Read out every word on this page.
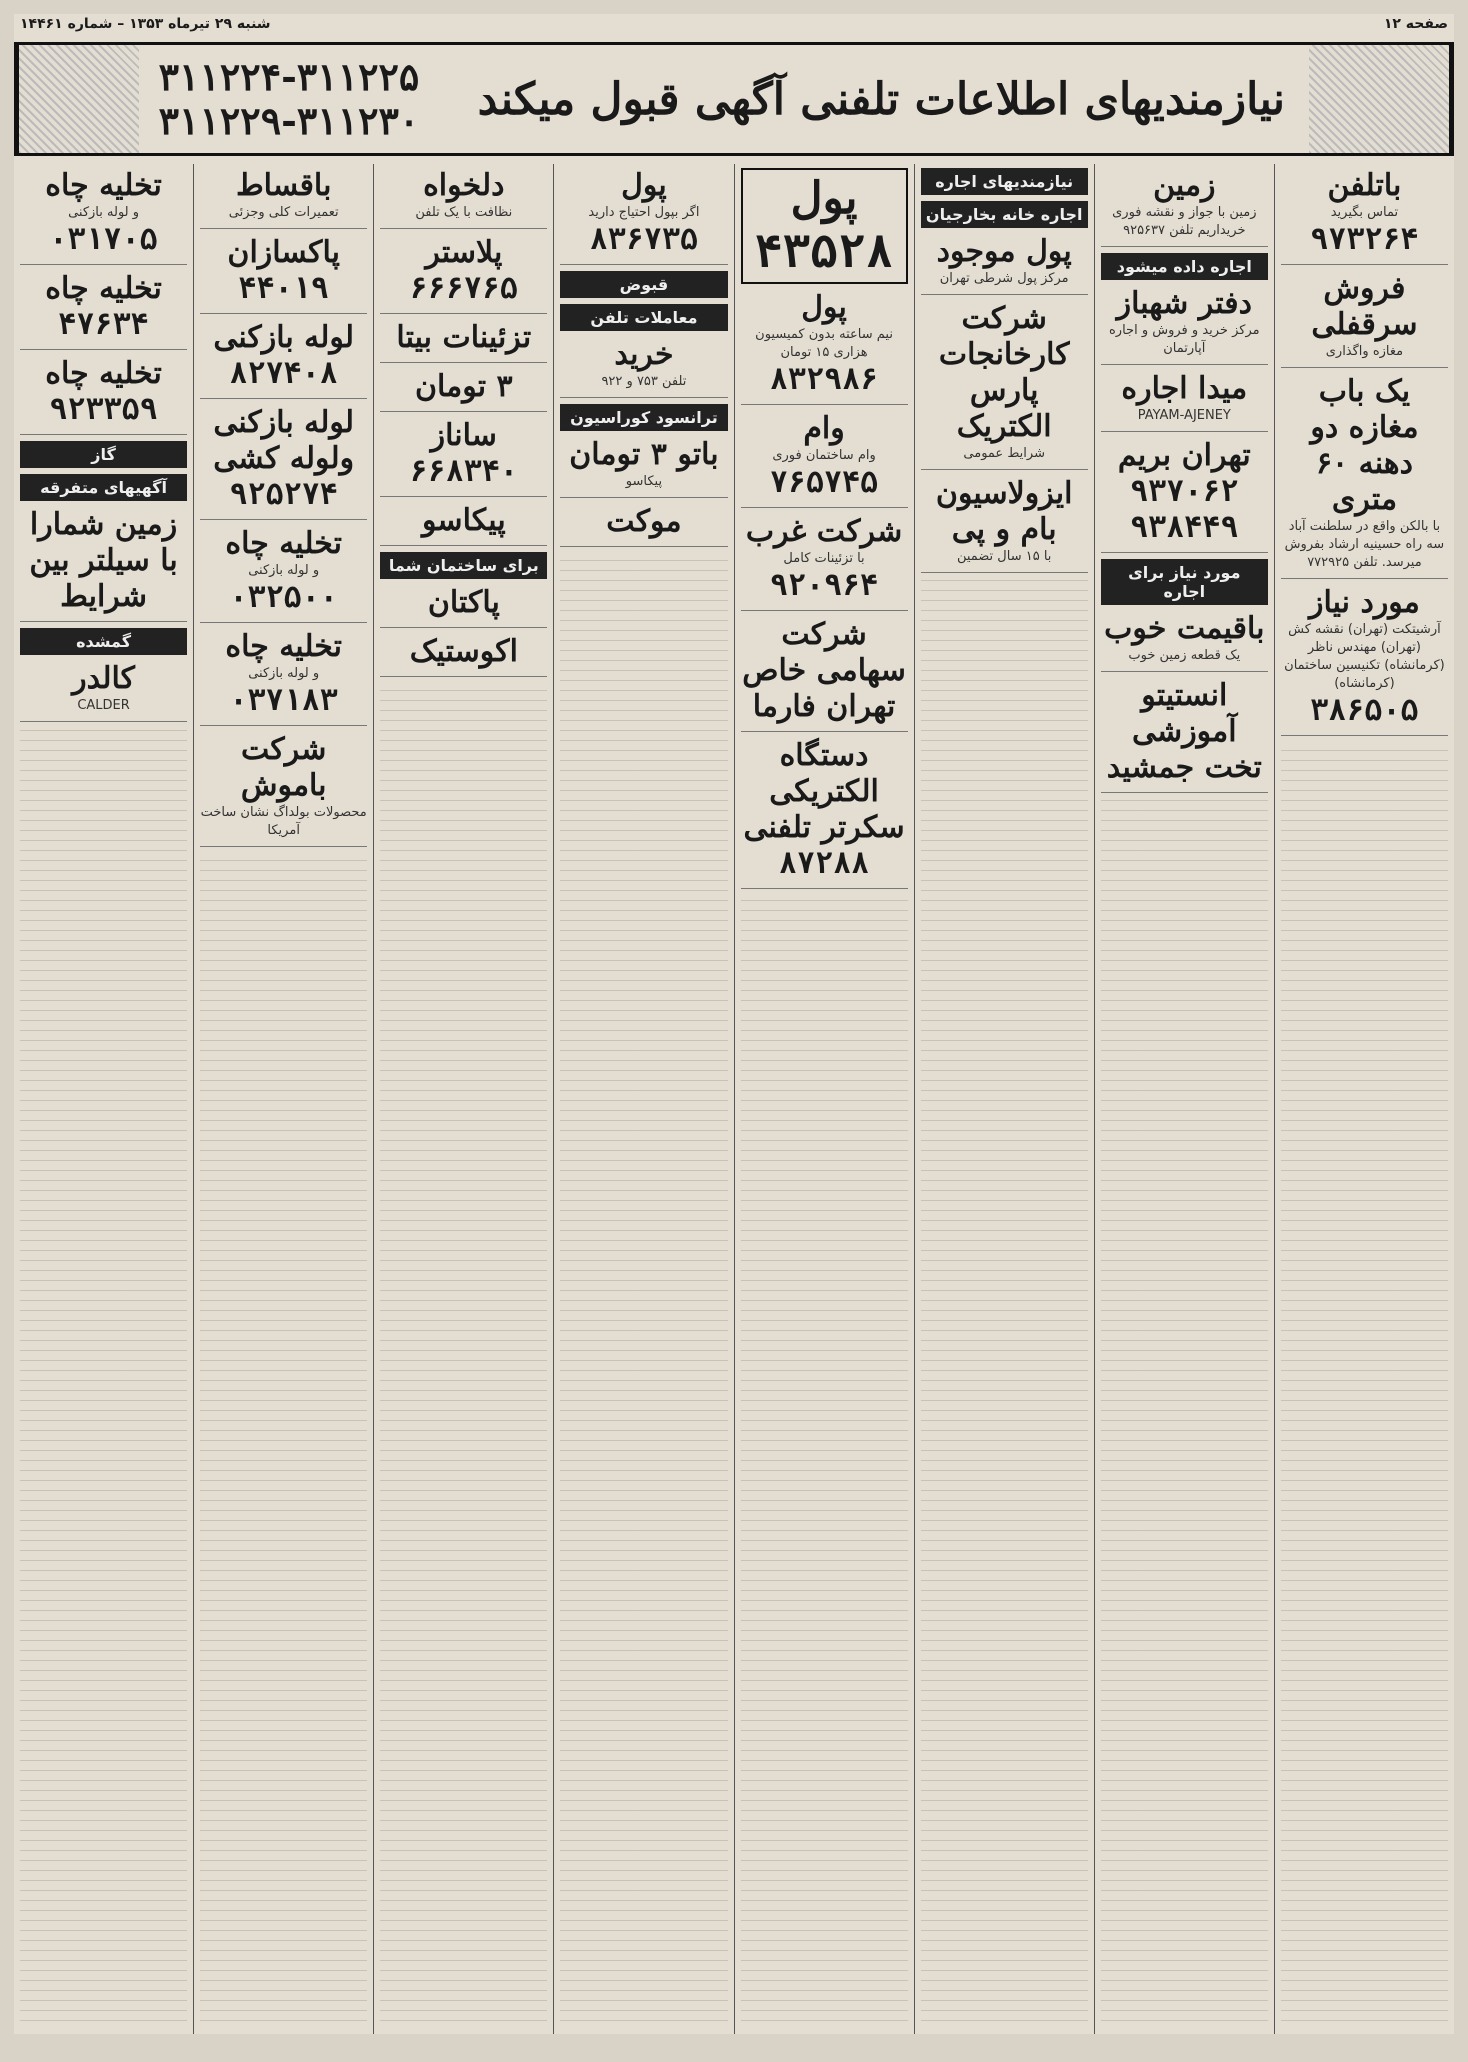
صفحه ۱۲
شنبه ۲۹ تیرماه ۱۳۵۳ – شماره ۱۴۴۶۱
نیازمندیهای اطلاعات تلفنی آگهی قبول میکند
۳۱۱۲۲۴-۳۱۱۲۲۵
۳۱۱۲۲۹-۳۱۱۲۳۰
باتلفن
تماس بگیرید
۹۷۳۲۶۴
فروش سرقفلی
مغازه واگذاری
یک باب مغازه دو دهنه ۶۰ متری
با بالکن واقع در سلطنت آباد سه راه حسینیه ارشاد بفروش میرسد. تلفن ۷۷۲۹۲۵
مورد نیاز
آرشیتکت (تهران) نقشه کش (تهران) مهندس ناظر (کرمانشاه) تکنیسین ساختمان (کرمانشاه)
۳۸۶۵۰۵
زمین
زمین با جواز و نقشه فوری خریداریم تلفن ۹۲۵۶۳۷
اجاره داده میشود
دفتر شهباز
مرکز خرید و فروش و اجاره آپارتمان
میدا اجاره
PAYAM-AJENEY
تهران بریم
۹۳۷۰۶۲
۹۳۸۴۴۹
مورد نیاز برای اجاره
باقیمت خوب
یک قطعه زمین خوب
انستیتو آموزشی تخت جمشید
نیازمندیهای اجاره
اجاره خانه بخارجیان
پول موجود
مرکز پول شرطی تهران
شرکت کارخانجات پارس الکتریک
شرایط عمومی
ایزولاسیون بام و پی
با ۱۵ سال تضمین
پول
۴۳۵۲۸
پول
نیم ساعته بدون کمیسیون هزاری ۱۵ تومان
۸۳۲۹۸۶
وام
وام ساختمان فوری
۷۶۵۷۴۵
شرکت غرب
با تزئینات کامل
۹۲۰۹۶۴
شرکت سهامی خاص تهران فارما
دستگاه الکتریکی سکرتر تلفنی
۸۷۲۸۸
پول
اگر بپول احتیاج دارید
۸۳۶۷۳۵
قبوض
معاملات تلفن
خرید
تلفن ۷۵۳ و ۹۲۲
ترانسود کوراسیون
باتو ۳ تومان
پیکاسو
موکت
دلخواه
نظافت با یک تلفن
پلاستر
۶۶۶۷۶۵
تزئینات بیتا
۳ تومان
ساناز
۶۶۸۳۴۰
پیکاسو
برای ساختمان شما
پاکتان
اکوستیک
باقساط
تعمیرات کلی وجزئی
پاکسازان
۴۴۰۱۹
لوله بازکنی
۸۲۷۴۰۸
لوله بازکنی ولوله کشی
۹۲۵۲۷۴
تخلیه چاه
و لوله بازکنی
۰۳۲۵۰۰
تخلیه چاه
و لوله بازکنی
۰۳۷۱۸۳
شرکت باموش
محصولات بولداگ نشان ساخت آمریکا
تخلیه چاه
و لوله بازکنی
۰۳۱۷۰۵
تخلیه چاه
۴۷۶۳۴
تخلیه چاه
۹۲۳۳۵۹
گاز
آگهیهای متفرقه
زمین شمارا با سیلتر بین شرایط
گمشده
کالدر
CALDER
